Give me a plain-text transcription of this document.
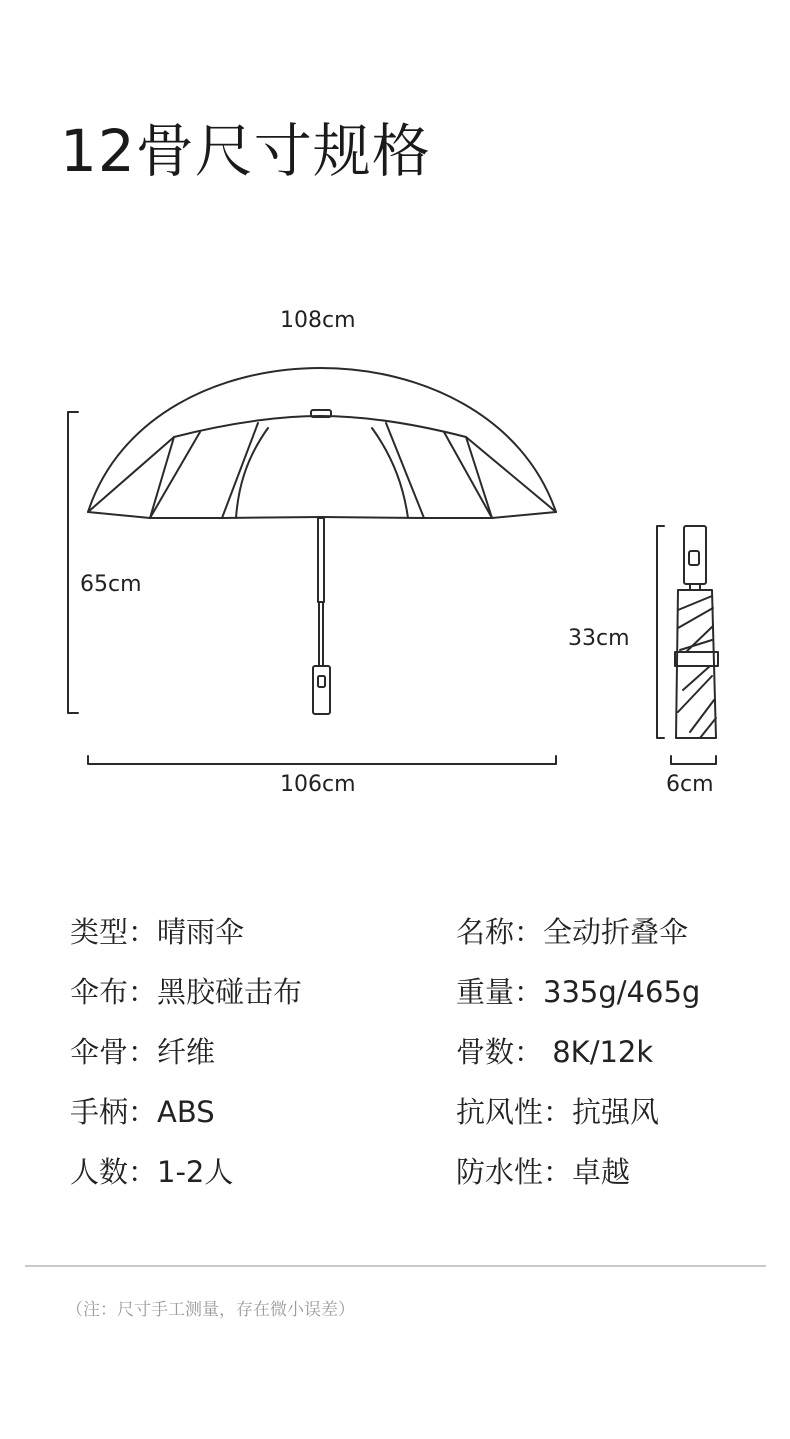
12骨尺寸规格
108cm
65cm
106cm
33cm
6cm
类型：晴雨伞
伞布：黑胶碰击布
伞骨：纤维
手柄：ABS
人数：1-2人
名称：全动折叠伞
重量：335g/465g
骨数： 8K/12k
抗风性：抗强风
防水性：卓越
（注：尺寸手工测量，存在微小误差）
